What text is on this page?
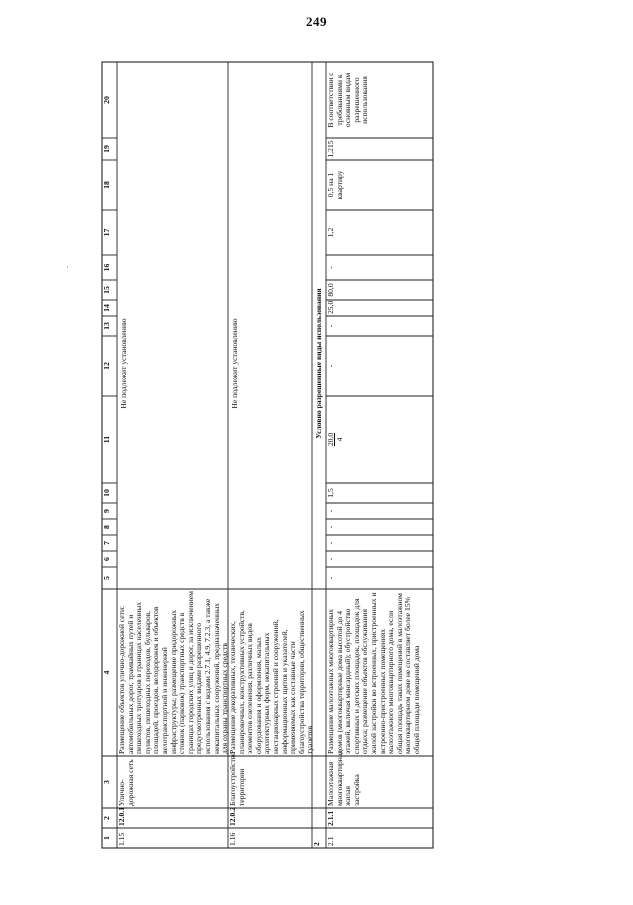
249
·
1
2
3
4
5
6
7
8
9
10
11
12
13
14
15
16
17
18
19
20
1.15
12.0.1
Улично-дорожная сеть
Размещение объектов улично-дорожной сети: автомобильных дорог, трамвайных путей и пешеходных тротуаров в границах населенных пунктов, пешеходных переходов, бульваров, площадей, проездов, велодорожек и объектов велотранспортной и инженерной инфраструктуры; размещение придорожных стоянок (парковок) транспортных средств в границах городских улиц и дорог, за исключением предусмотренных видами разрешенного использования с кодами 2.7.1, 4.9, 7.2.3, а также некапитальных сооружений, предназначенных для охраны транспортных средств
Не подлежит установлению
1.16
12.0.2
Благоустройство территории
Размещение декоративных, технических, планировочных, конструктивных устройств, элементов озеленения, различных видов оборудования и оформления, малых архитектурных форм, некапитальных нестационарных строений и сооружений, информационных щитов и указателей, применяемых как составные части благоустройства территории, общественных туалетов
Не подлежит установлению
2
Условно разрешенные виды использования
2.1
2.1.1
Малоэтажная многоквартирная жилая застройка
Размещение малоэтажных многоквартирных домов (многоквартирные дома высотой до 4 этажей, включая мансардный); обустройство спортивных и детских площадок, площадок для отдыха; размещение объектов обслуживания жилой застройки во встроенных, пристроенных и встроенно-пристроенных помещениях малоэтажного многоквартирного дома, если общая площадь таких помещений в малоэтажном многоквартирном доме не составляет более 15% общей площади помещений дома
-
-
-
-
-
1,5
20,0 4
-
-
25,0
80,0
-
1,2
0,5 на 1 квартиру
1,215
В соответствии с требованиями к основным видам разрешенного использования
